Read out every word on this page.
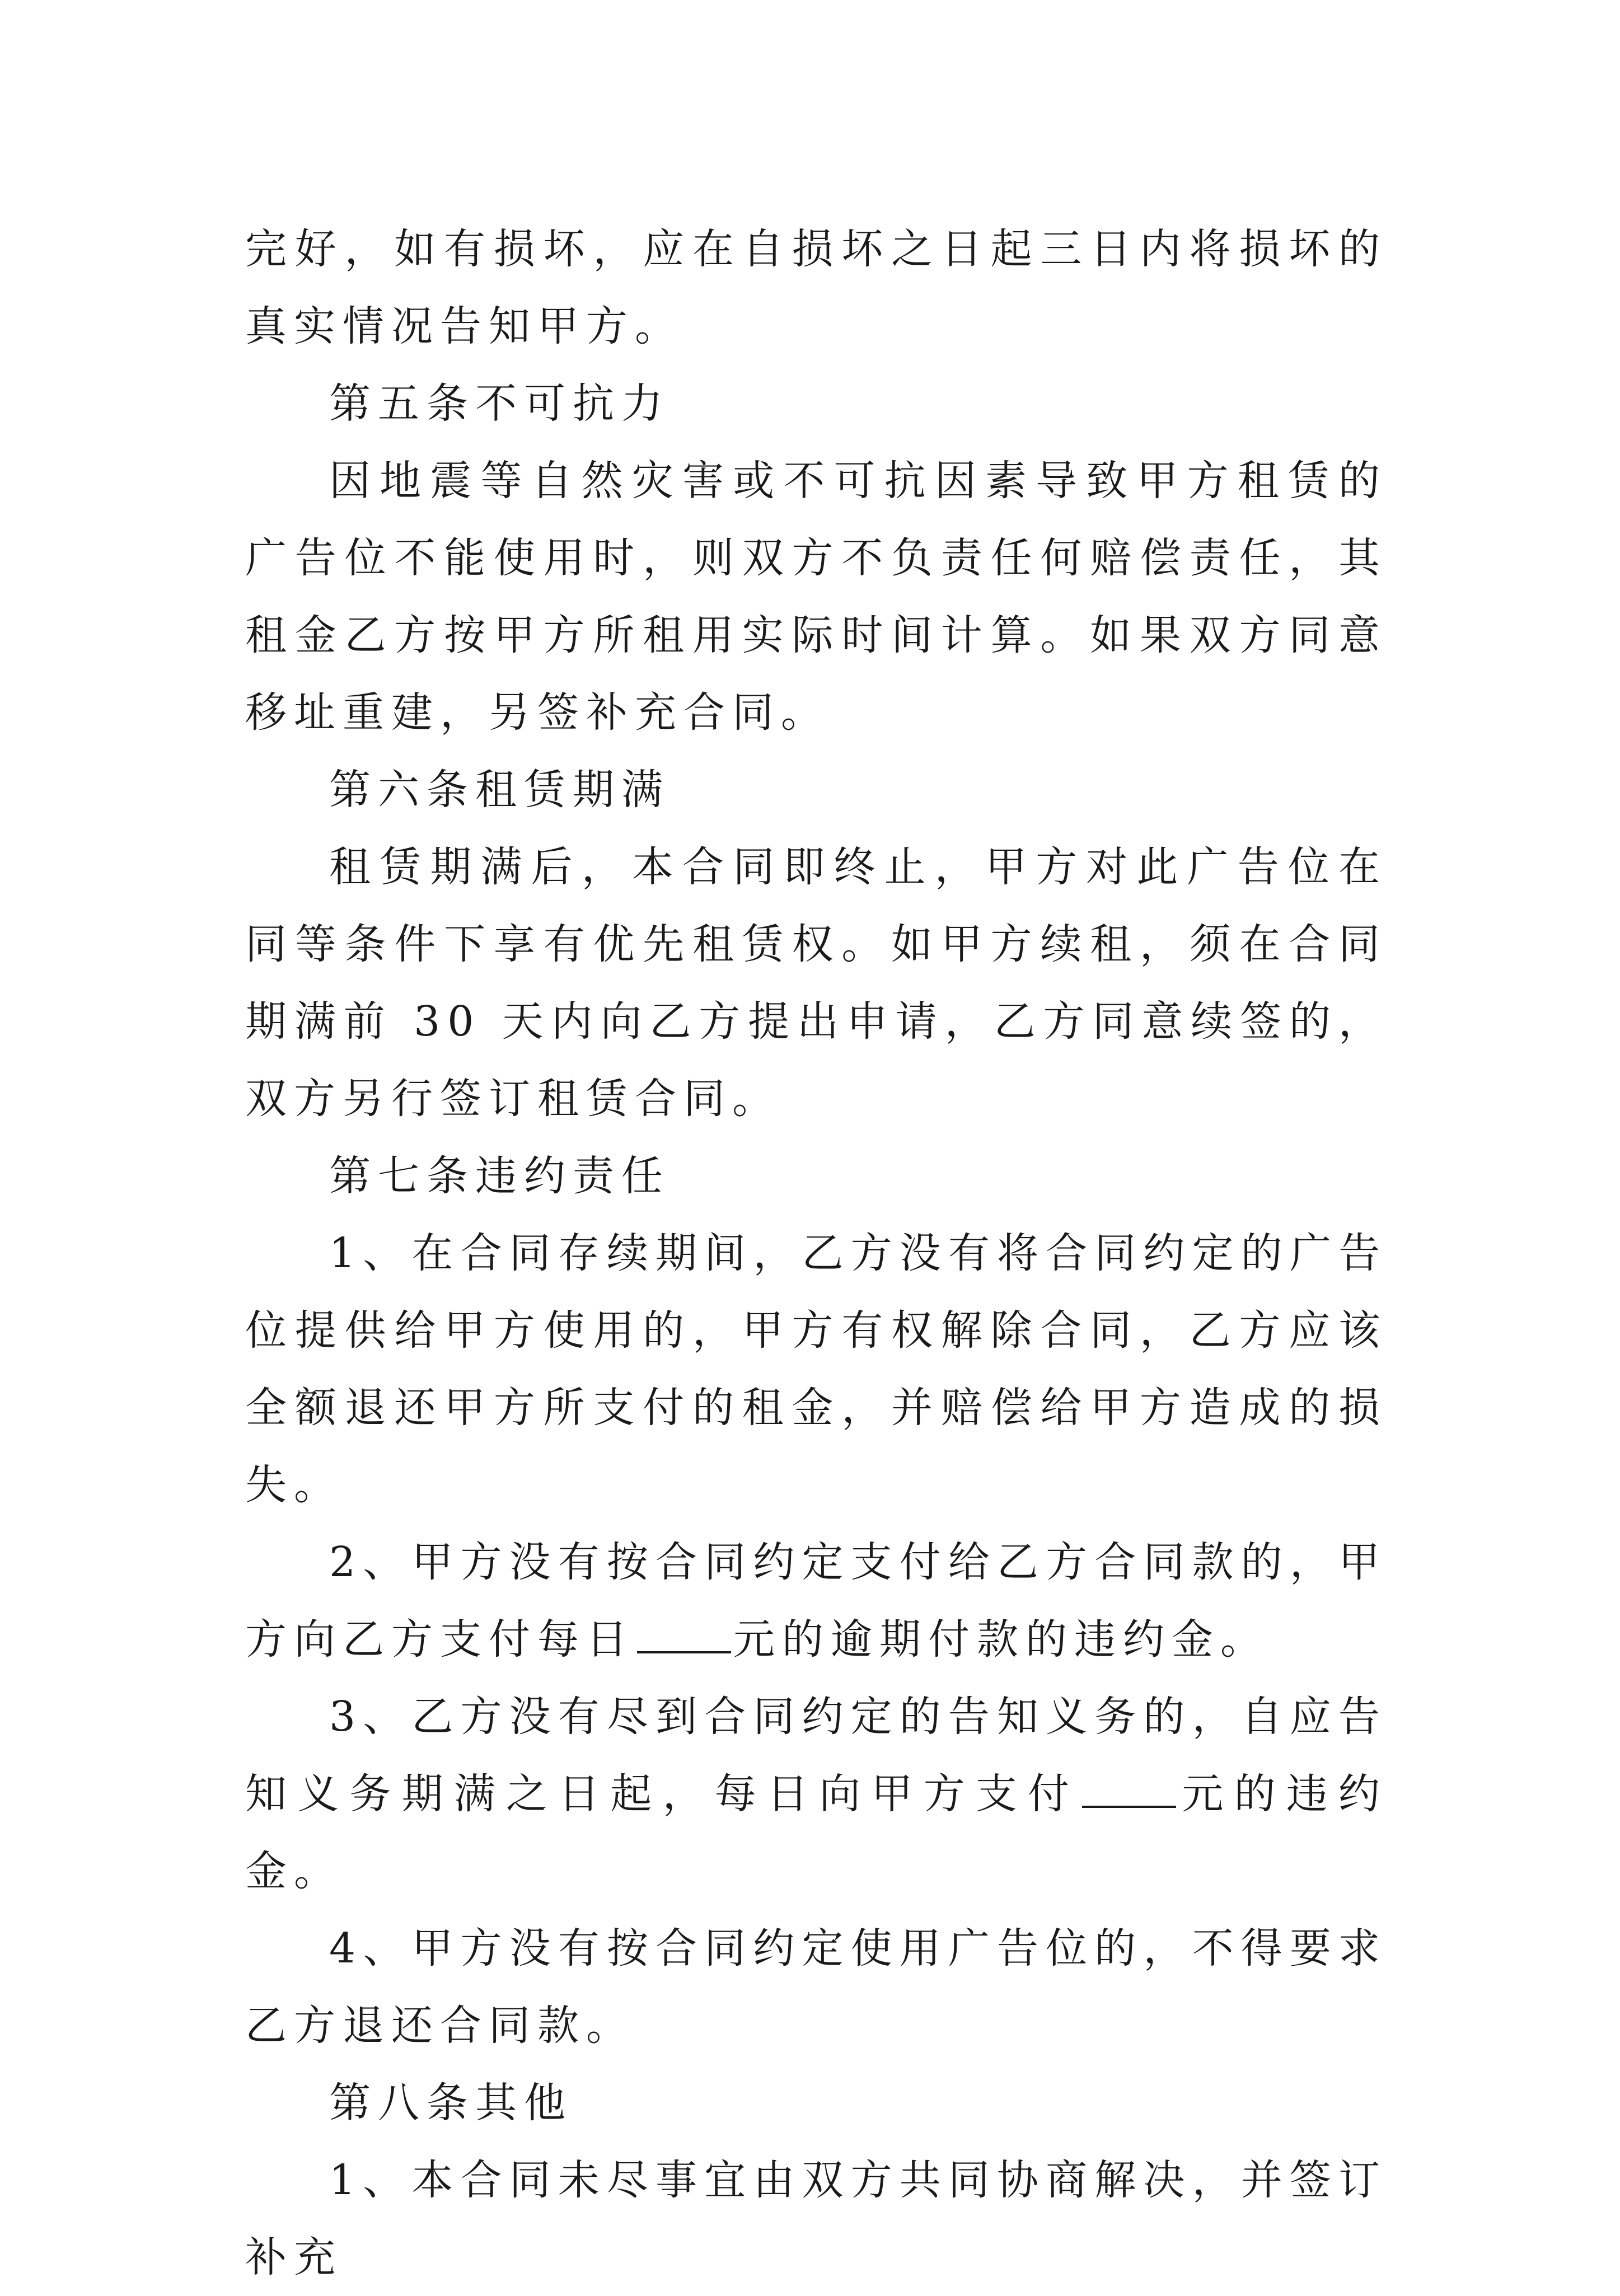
完好，如有损坏，应在自损坏之日起三日内将损坏的真实情况告知甲方。

第五条不可抗力

因地震等自然灾害或不可抗因素导致甲方租赁的广告位不能使用时，则双方不负责任何赔偿责任，其租金乙方按甲方所租用实际时间计算。如果双方同意移址重建，另签补充合同。

第六条租赁期满

租赁期满后，本合同即终止，甲方对此广告位在同等条件下享有优先租赁权。如甲方续租，须在合同期满前 30 天内向乙方提出申请，乙方同意续签的，双方另行签订租赁合同。

第七条违约责任

1、在合同存续期间，乙方没有将合同约定的广告位提供给甲方使用的，甲方有权解除合同，乙方应该全额退还甲方所支付的租金，并赔偿给甲方造成的损失。

2、甲方没有按合同约定支付给乙方合同款的，甲方向乙方支付每日 元的逾期付款的违约金。

3、乙方没有尽到合同约定的告知义务的，自应告知义务期满之日起，每日向甲方支付 元的违约金。

4、甲方没有按合同约定使用广告位的，不得要求乙方退还合同款。

第八条其他

1、本合同未尽事宜由双方共同协商解决，并签订补充
